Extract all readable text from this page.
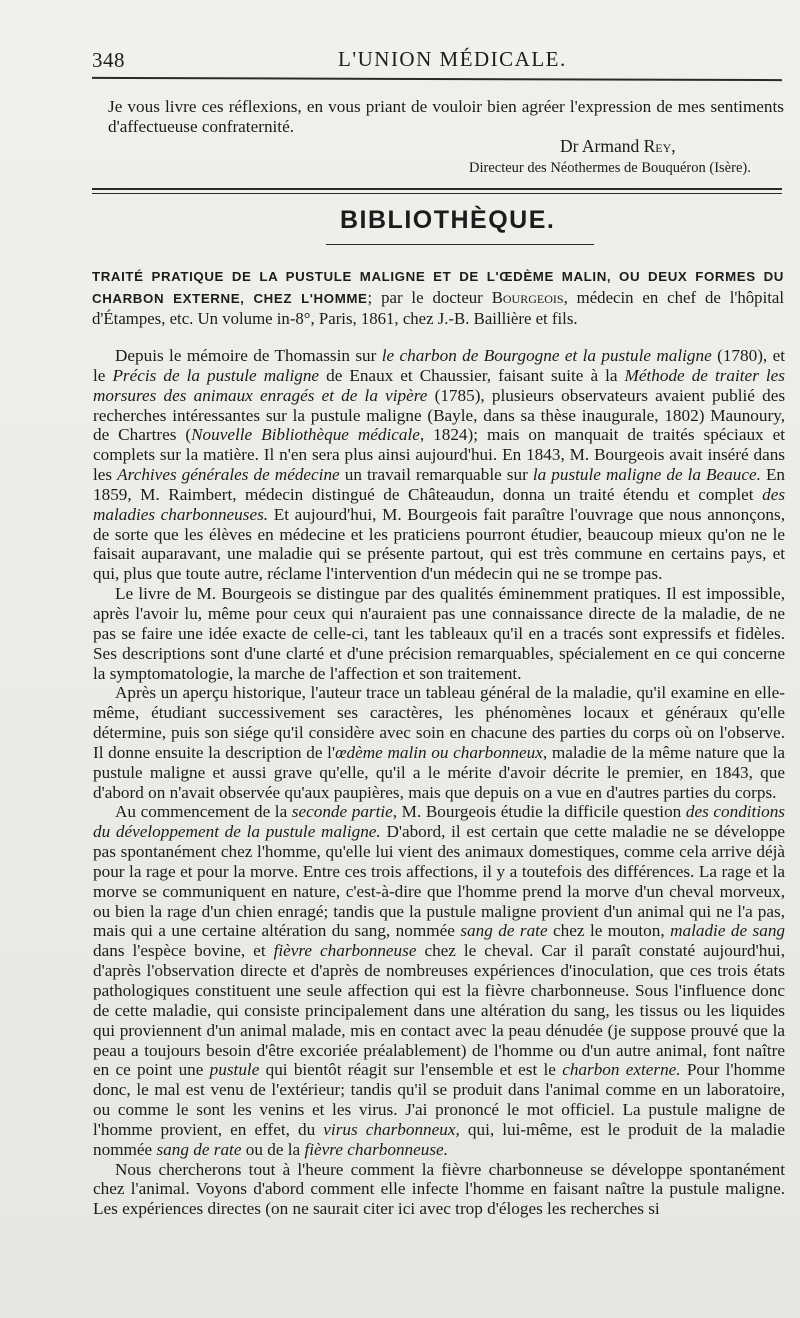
348	L'UNION MÉDICALE.

Je vous livre ces réflexions, en vous priant de vouloir bien agréer l'expression de mes sentiments d'affectueuse confraternité.

Dr Armand Rey,
Directeur des Néothermes de Bouquéron (Isère).
BIBLIOTHÈQUE.
TRAITÉ PRATIQUE DE LA PUSTULE MALIGNE ET DE L'ŒDÈME MALIN, OU DEUX FORMES DU CHARBON EXTERNE, CHEZ L'HOMME; par le docteur Bourgeois, médecin en chef de l'hôpital d'Étampes, etc. Un volume in-8°, Paris, 1861, chez J.-B. Baillière et fils.

Depuis le mémoire de Thomassin sur le charbon de Bourgogne et la pustule maligne (1780), et le Précis de la pustule maligne de Enaux et Chaussier, faisant suite à la Méthode de traiter les morsures des animaux enragés et de la vipère (1785), plusieurs observateurs avaient publié des recherches intéressantes sur la pustule maligne (Bayle, dans sa thèse inaugurale, 1802) Maunoury, de Chartres (Nouvelle Bibliothèque médicale, 1824); mais on manquait de traités spéciaux et complets sur la matière. Il n'en sera plus ainsi aujourd'hui. En 1843, M. Bourgeois avait inséré dans les Archives générales de médecine un travail remarquable sur la pustule maligne de la Beauce. En 1859, M. Raimbert, médecin distingué de Châteaudun, donna un traité étendu et complet des maladies charbonneuses. Et aujourd'hui, M. Bourgeois fait paraître l'ouvrage que nous annonçons, de sorte que les élèves en médecine et les praticiens pourront étudier, beaucoup mieux qu'on ne le faisait auparavant, une maladie qui se présente partout, qui est très commune en certains pays, et qui, plus que toute autre, réclame l'intervention d'un médecin qui ne se trompe pas.

Le livre de M. Bourgeois se distingue par des qualités éminemment pratiques. Il est impossible, après l'avoir lu, même pour ceux qui n'auraient pas une connaissance directe de la maladie, de ne pas se faire une idée exacte de celle-ci, tant les tableaux qu'il en a tracés sont expressifs et fidèles. Ses descriptions sont d'une clarté et d'une précision remarquables, spécialement en ce qui concerne la symptomatologie, la marche de l'affection et son traitement.

Après un aperçu historique, l'auteur trace un tableau général de la maladie, qu'il examine en elle-même, étudiant successivement ses caractères, les phénomènes locaux et généraux qu'elle détermine, puis son siége qu'il considère avec soin en chacune des parties du corps où on l'observe. Il donne ensuite la description de l'œdème malin ou charbonneux, maladie de la même nature que la pustule maligne et aussi grave qu'elle, qu'il a le mérite d'avoir décrite le premier, en 1843, que d'abord on n'avait observée qu'aux paupières, mais que depuis on a vue en d'autres parties du corps.

Au commencement de la seconde partie, M. Bourgeois étudie la difficile question des conditions du développement de la pustule maligne. D'abord, il est certain que cette maladie ne se développe pas spontanément chez l'homme, qu'elle lui vient des animaux domestiques, comme cela arrive déjà pour la rage et pour la morve. Entre ces trois affections, il y a toutefois des différences. La rage et la morve se communiquent en nature, c'est-à-dire que l'homme prend la morve d'un cheval morveux, ou bien la rage d'un chien enragé; tandis que la pustule maligne provient d'un animal qui ne l'a pas, mais qui a une certaine altération du sang, nommée sang de rate chez le mouton, maladie de sang dans l'espèce bovine, et fièvre charbonneuse chez le cheval. Car il paraît constaté aujourd'hui, d'après l'observation directe et d'après de nombreuses expériences d'inoculation, que ces trois états pathologiques constituent une seule affection qui est la fièvre charbonneuse. Sous l'influence donc de cette maladie, qui consiste principalement dans une altération du sang, les tissus ou les liquides qui proviennent d'un animal malade, mis en contact avec la peau dénudée (je suppose prouvé que la peau a toujours besoin d'être excoriée préalablement) de l'homme ou d'un autre animal, font naître en ce point une pustule qui bientôt réagit sur l'ensemble et est le charbon externe. Pour l'homme donc, le mal est venu de l'extérieur; tandis qu'il se produit dans l'animal comme en un laboratoire, ou comme le sont les venins et les virus. J'ai prononcé le mot officiel. La pustule maligne de l'homme provient, en effet, du virus charbonneux, qui, lui-même, est le produit de la maladie nommée sang de rate ou de la fièvre charbonneuse.

Nous chercherons tout à l'heure comment la fièvre charbonneuse se développe spontanément chez l'animal. Voyons d'abord comment elle infecte l'homme en faisant naître la pustule maligne. Les expériences directes (on ne saurait citer ici avec trop d'éloges les recherches si
